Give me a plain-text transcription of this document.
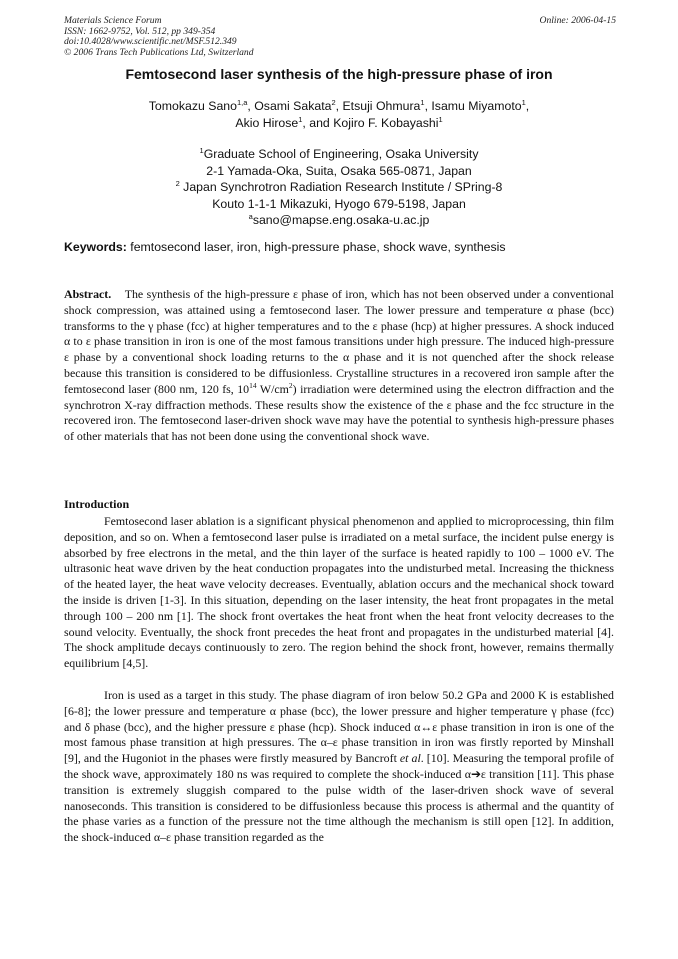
Materials Science Forum
ISSN: 1662-9752, Vol. 512, pp 349-354
doi:10.4028/www.scientific.net/MSF.512.349
© 2006 Trans Tech Publications Ltd, Switzerland
Online: 2006-04-15
Femtosecond laser synthesis of the high-pressure phase of iron
Tomokazu Sano$^{1,a}$, Osami Sakata$^2$, Etsuji Ohmura$^1$, Isamu Miyamoto$^1$,
Akio Hirose$^1$, and Kojiro F. Kobayashi$^1$
$^1$Graduate School of Engineering, Osaka University
2-1 Yamada-Oka, Suita, Osaka 565-0871, Japan
$^2$ Japan Synchrotron Radiation Research Institute / SPring-8
Kouto 1-1-1 Mikazuki, Hyogo 679-5198, Japan
$^a$sano@mapse.eng.osaka-u.ac.jp
Keywords: femtosecond laser, iron, high-pressure phase, shock wave, synthesis

Abstract.    The synthesis of the high-pressure ε phase of iron, which has not been observed under a conventional shock compression, was attained using a femtosecond laser. The lower pressure and temperature α phase (bcc) transforms to the γ phase (fcc) at higher temperatures and to the ε phase (hcp) at higher pressures. A shock induced α to ε phase transition in iron is one of the most famous transitions under high pressure. The induced high-pressure ε phase by a conventional shock loading returns to the α phase and it is not quenched after the shock release because this transition is considered to be diffusionless. Crystalline structures in a recovered iron sample after the femtosecond laser (800 nm, 120 fs, $10^{14}$ $W/cm^2$) irradiation were determined using the electron diffraction and the synchrotron X-ray diffraction methods. These results show the existence of the ε phase and the fcc structure in the recovered iron. The femtosecond laser-driven shock wave may have the potential to synthesis high-pressure phases of other materials that has not been done using the conventional shock wave.

Introduction

Femtosecond laser ablation is a significant physical phenomenon and applied to microprocessing, thin film deposition, and so on. When a femtosecond laser pulse is irradiated on a metal surface, the incident pulse energy is absorbed by free electrons in the metal, and the thin layer of the surface is heated rapidly to 100 – 1000 eV. The ultrasonic heat wave driven by the heat conduction propagates into the undisturbed metal. Increasing the thickness of the heated layer, the heat wave velocity decreases. Eventually, ablation occurs and the mechanical shock toward the inside is driven [1-3]. In this situation, depending on the laser intensity, the heat front propagates in the metal through 100 – 200 nm [1]. The shock front overtakes the heat front when the heat front velocity decreases to the sound velocity. Eventually, the shock front precedes the heat front and propagates in the undisturbed material [4]. The shock amplitude decays continuously to zero. The region behind the shock front, however, remains thermally equilibrium [4,5].

Iron is used as a target in this study. The phase diagram of iron below 50.2 GPa and 2000 K is established [6-8]; the lower pressure and temperature α phase (bcc), the lower pressure and higher temperature γ phase (fcc) and δ phase (bcc), and the higher pressure ε phase (hcp). Shock induced α↔ε phase transition in iron is one of the most famous phase transition at high pressures. The α–ε phase transition in iron was firstly reported by Minshall [9], and the Hugoniot in the phases were firstly measured by Bancroft et al. [10]. Measuring the temporal profile of the shock wave, approximately 180 ns was required to complete the shock-induced α➔ε transition [11]. This phase transition is extremely sluggish compared to the pulse width of the laser-driven shock wave of several nanoseconds. This transition is considered to be diffusionless because this process is athermal and the quantity of the phase varies as a function of the pressure not the time although the mechanism is still open [12]. In addition, the shock-induced α–ε phase transition regarded as the
